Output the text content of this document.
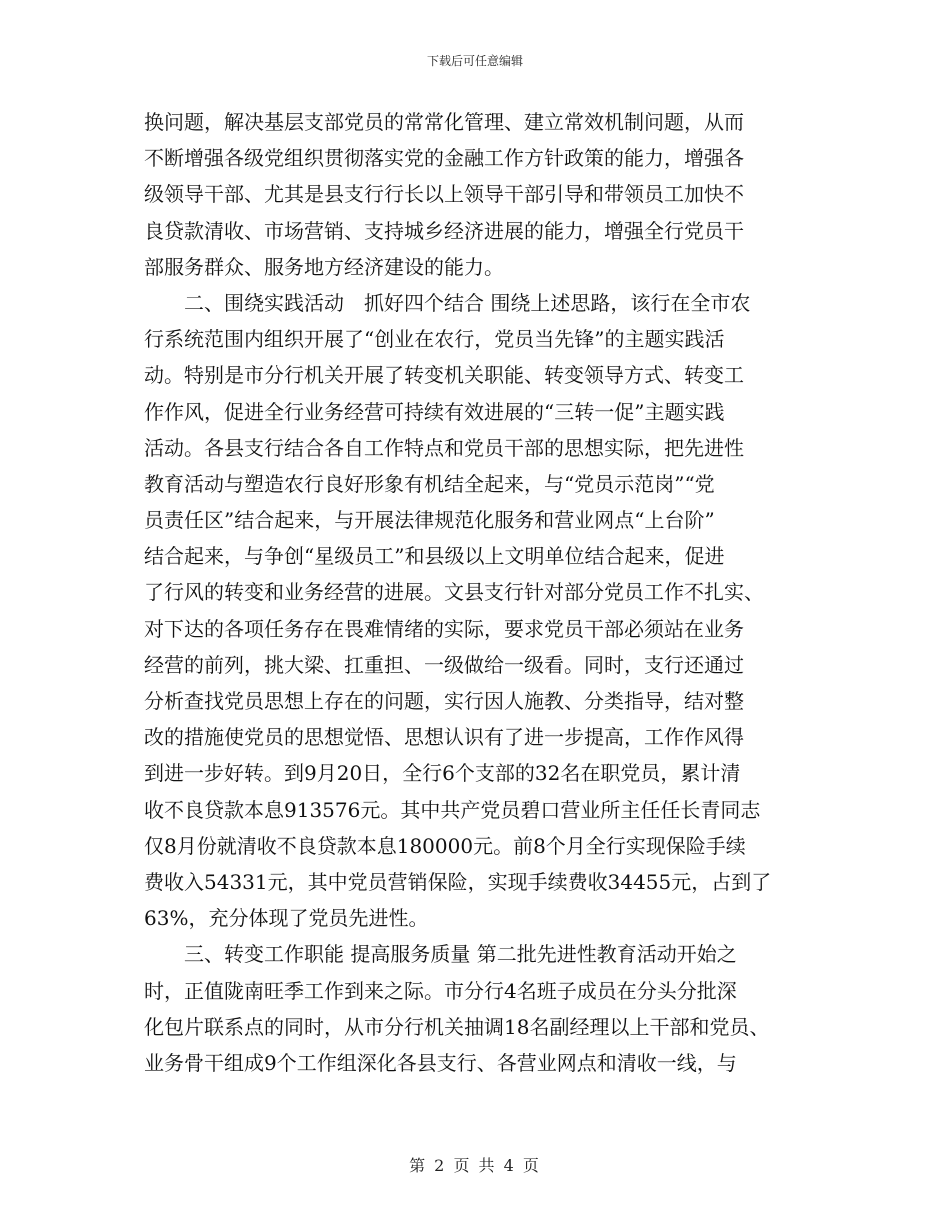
下载后可任意编辑
换问题，解决基层支部党员的常常化管理、建立常效机制问题，从而
不断增强各级党组织贯彻落实党的金融工作方针政策的能力，增强各
级领导干部、尤其是县支行行长以上领导干部引导和带领员工加快不
良贷款清收、市场营销、支持城乡经济进展的能力，增强全行党员干
部服务群众、服务地方经济建设的能力。
二、围绕实践活动　抓好四个结合 围绕上述思路，该行在全市农
行系统范围内组织开展了“创业在农行，党员当先锋”的主题实践活
动。特别是市分行机关开展了转变机关职能、转变领导方式、转变工
作作风，促进全行业务经营可持续有效进展的“三转一促”主题实践
活动。各县支行结合各自工作特点和党员干部的思想实际，把先进性
教育活动与塑造农行良好形象有机结全起来，与“党员示范岗”“党
员责任区”结合起来，与开展法律规范化服务和营业网点“上台阶”
结合起来，与争创“星级员工”和县级以上文明单位结合起来，促进
了行风的转变和业务经营的进展。文县支行针对部分党员工作不扎实、
对下达的各项任务存在畏难情绪的实际，要求党员干部必须站在业务
经营的前列，挑大梁、扛重担、一级做给一级看。同时，支行还通过
分析查找党员思想上存在的问题，实行因人施教、分类指导，结对整
改的措施使党员的思想觉悟、思想认识有了进一步提高，工作作风得
到进一步好转。到9月20日，全行6个支部的32名在职党员，累计清
收不良贷款本息913576元。其中共产党员碧口营业所主任任长青同志
仅8月份就清收不良贷款本息180000元。前8个月全行实现保险手续
费收入54331元，其中党员营销保险，实现手续费收34455元，占到了
63%，充分体现了党员先进性。
三、转变工作职能 提高服务质量 第二批先进性教育活动开始之
时，正值陇南旺季工作到来之际。市分行4名班子成员在分头分批深
化包片联系点的同时，从市分行机关抽调18名副经理以上干部和党员、
业务骨干组成9个工作组深化各县支行、各营业网点和清收一线，与
第 2 页 共 4 页
